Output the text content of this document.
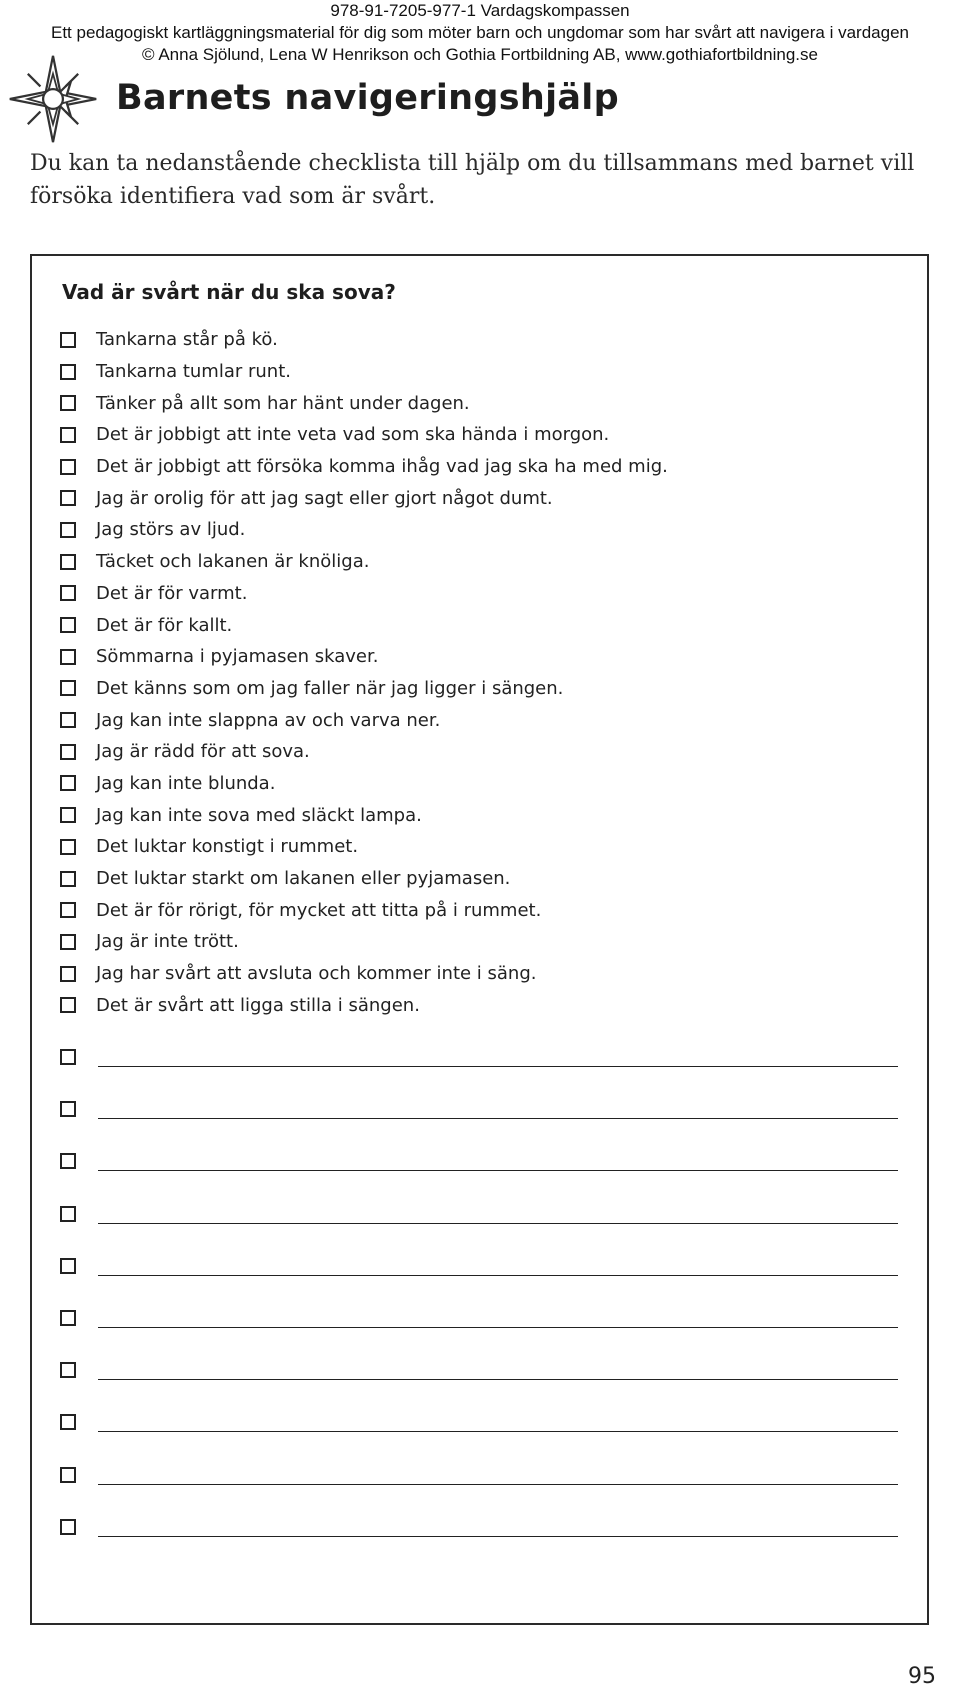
978-91-7205-977-1 Vardagskompassen
Ett pedagogiskt kartläggningsmaterial för dig som möter barn och ungdomar som har svårt att navigera i vardagen
© Anna Sjölund, Lena W Henrikson och Gothia Fortbildning AB, www.gothiafortbildning.se
Barnets navigeringshjälp

Du kan ta nedanstående checklista till hjälp om du tillsammans med barnet vill försöka identifiera vad som är svårt.

Vad är svårt när du ska sova?
Tankarna står på kö.
Tankarna tumlar runt.
Tänker på allt som har hänt under dagen.
Det är jobbigt att inte veta vad som ska hända i morgon.
Det är jobbigt att försöka komma ihåg vad jag ska ha med mig.
Jag är orolig för att jag sagt eller gjort något dumt.
Jag störs av ljud.
Täcket och lakanen är knöliga.
Det är för varmt.
Det är för kallt.
Sömmarna i pyjamasen skaver.
Det känns som om jag faller när jag ligger i sängen.
Jag kan inte slappna av och varva ner.
Jag är rädd för att sova.
Jag kan inte blunda.
Jag kan inte sova med släckt lampa.
Det luktar konstigt i rummet.
Det luktar starkt om lakanen eller pyjamasen.
Det är för rörigt, för mycket att titta på i rummet.
Jag är inte trött.
Jag har svårt att avsluta och kommer inte i säng.
Det är svårt att ligga stilla i sängen.
95
